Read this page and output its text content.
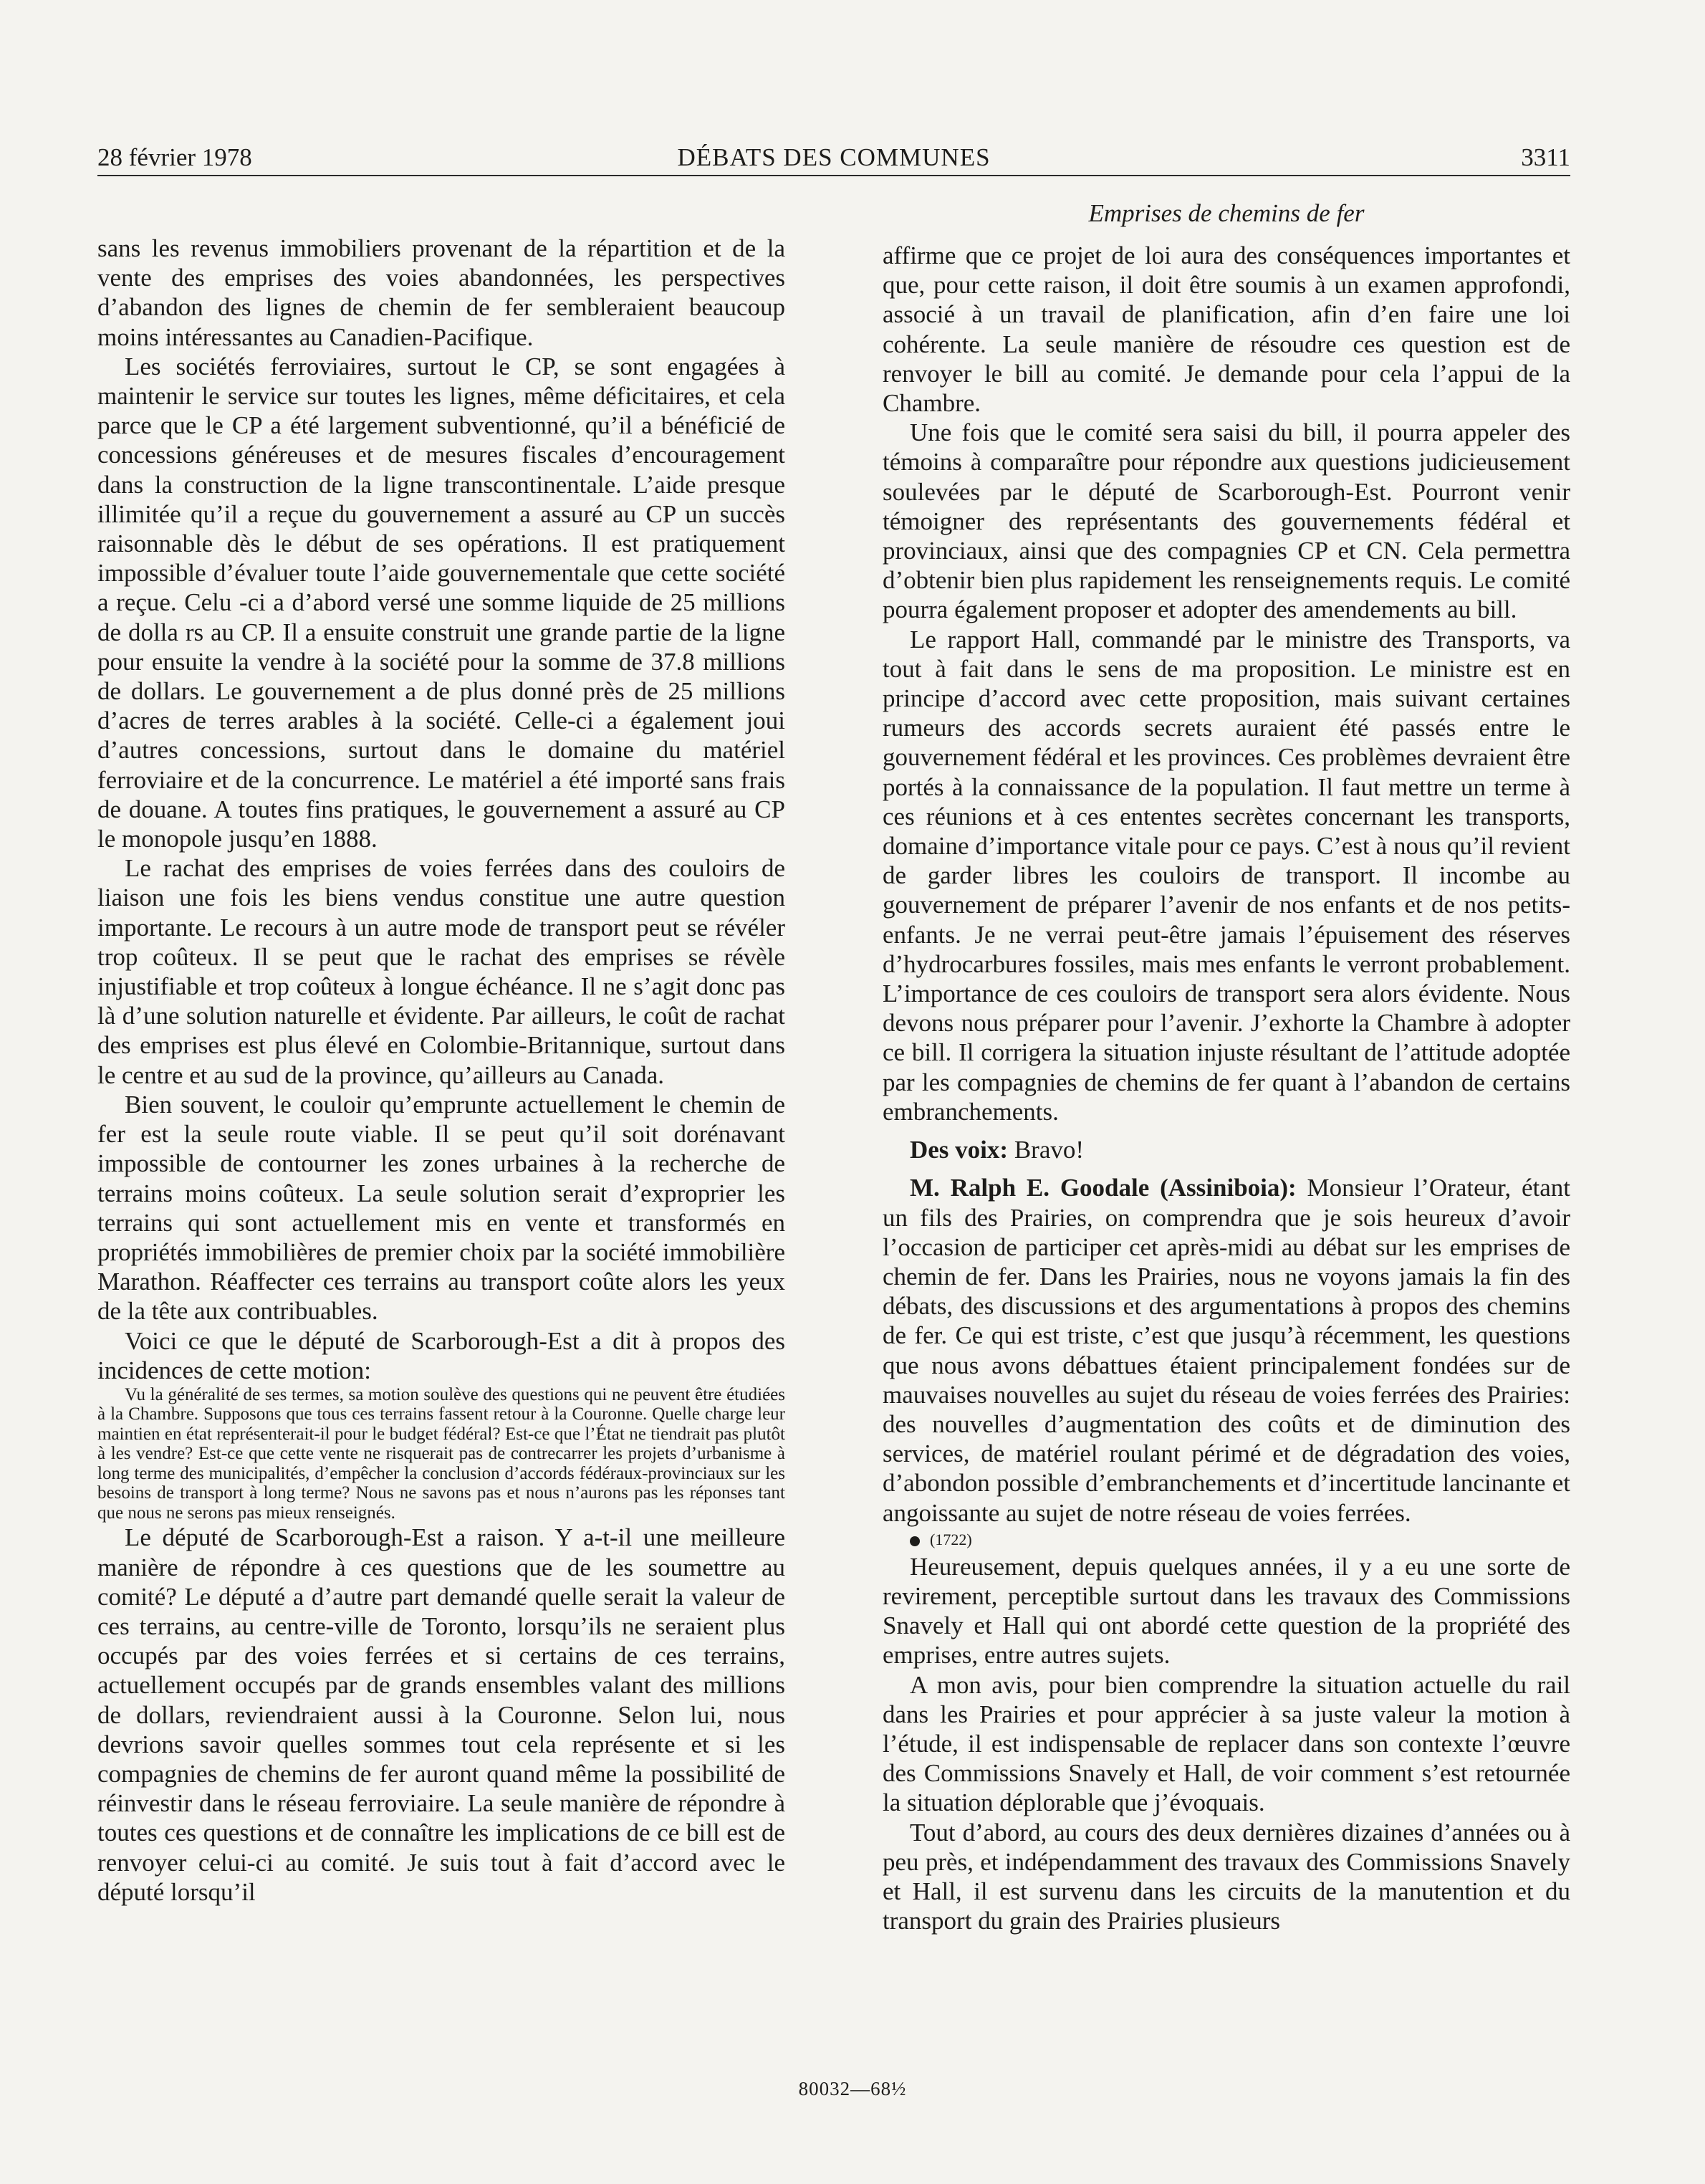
28 février 1978	DÉBATS DES COMMUNES	3311
Emprises de chemins de fer

sans les revenus immobiliers provenant de la répartition et de la vente des emprises des voies abandonnées, les perspectives d’abandon des lignes de chemin de fer sembleraient beaucoup moins intéressantes au Canadien-Pacifique.

Les sociétés ferroviaires, surtout le CP, se sont engagées à maintenir le service sur toutes les lignes, même déficitaires, et cela parce que le CP a été largement subventionné, qu’il a bénéficié de concessions généreuses et de mesures fiscales d’encouragement dans la construction de la ligne transcontinentale. L’aide presque illimitée qu’il a reçue du gouvernement a assuré au CP un succès raisonnable dès le début de ses opérations. Il est pratiquement impossible d’évaluer toute l’aide gouvernementale que cette société a reçue. Celu -ci a d’abord versé une somme liquide de 25 millions de dolla rs au CP. Il a ensuite construit une grande partie de la ligne pour ensuite la vendre à la société pour la somme de 37.8 millions de dollars. Le gouvernement a de plus donné près de 25 millions d’acres de terres arables à la société. Celle-ci a également joui d’autres concessions, surtout dans le domaine du matériel ferroviaire et de la concurrence. Le matériel a été importé sans frais de douane. A toutes fins pratiques, le gouvernement a assuré au CP le monopole jusqu’en 1888.

Le rachat des emprises de voies ferrées dans des couloirs de liaison une fois les biens vendus constitue une autre question importante. Le recours à un autre mode de transport peut se révéler trop coûteux. Il se peut que le rachat des emprises se révèle injustifiable et trop coûteux à longue échéance. Il ne s’agit donc pas là d’une solution naturelle et évidente. Par ailleurs, le coût de rachat des emprises est plus élevé en Colombie-Britannique, surtout dans le centre et au sud de la province, qu’ailleurs au Canada.

Bien souvent, le couloir qu’emprunte actuellement le chemin de fer est la seule route viable. Il se peut qu’il soit dorénavant impossible de contourner les zones urbaines à la recherche de terrains moins coûteux. La seule solution serait d’exproprier les terrains qui sont actuellement mis en vente et transformés en propriétés immobilières de premier choix par la société immobilière Marathon. Réaffecter ces terrains au transport coûte alors les yeux de la tête aux contribuables.

Voici ce que le député de Scarborough-Est a dit à propos des incidences de cette motion:

Vu la généralité de ses termes, sa motion soulève des questions qui ne peuvent être étudiées à la Chambre. Supposons que tous ces terrains fassent retour à la Couronne. Quelle charge leur maintien en état représenterait-il pour le budget fédéral? Est-ce que l’État ne tiendrait pas plutôt à les vendre? Est-ce que cette vente ne risquerait pas de contrecarrer les projets d’urbanisme à long terme des municipalités, d’empêcher la conclusion d’accords fédéraux-provinciaux sur les besoins de transport à long terme? Nous ne savons pas et nous n’aurons pas les réponses tant que nous ne serons pas mieux renseignés.

Le député de Scarborough-Est a raison. Y a-t-il une meilleure manière de répondre à ces questions que de les soumettre au comité? Le député a d’autre part demandé quelle serait la valeur de ces terrains, au centre-ville de Toronto, lorsqu’ils ne seraient plus occupés par des voies ferrées et si certains de ces terrains, actuellement occupés par de grands ensembles valant des millions de dollars, reviendraient aussi à la Couronne. Selon lui, nous devrions savoir quelles sommes tout cela représente et si les compagnies de chemins de fer auront quand même la possibilité de réinvestir dans le réseau ferroviaire. La seule manière de répondre à toutes ces questions et de connaître les implications de ce bill est de renvoyer celui-ci au comité. Je suis tout à fait d’accord avec le député lorsqu’il

affirme que ce projet de loi aura des conséquences importantes et que, pour cette raison, il doit être soumis à un examen approfondi, associé à un travail de planification, afin d’en faire une loi cohérente. La seule manière de résoudre ces question est de renvoyer le bill au comité. Je demande pour cela l’appui de la Chambre.

Une fois que le comité sera saisi du bill, il pourra appeler des témoins à comparaître pour répondre aux questions judicieusement soulevées par le député de Scarborough-Est. Pourront venir témoigner des représentants des gouvernements fédéral et provinciaux, ainsi que des compagnies CP et CN. Cela permettra d’obtenir bien plus rapidement les renseignements requis. Le comité pourra également proposer et adopter des amendements au bill.

Le rapport Hall, commandé par le ministre des Transports, va tout à fait dans le sens de ma proposition. Le ministre est en principe d’accord avec cette proposition, mais suivant certaines rumeurs des accords secrets auraient été passés entre le gouvernement fédéral et les provinces. Ces problèmes devraient être portés à la connaissance de la population. Il faut mettre un terme à ces réunions et à ces ententes secrètes concernant les transports, domaine d’importance vitale pour ce pays. C’est à nous qu’il revient de garder libres les couloirs de transport. Il incombe au gouvernement de préparer l’avenir de nos enfants et de nos petits-enfants. Je ne verrai peut-être jamais l’épuisement des réserves d’hydrocarbures fossiles, mais mes enfants le verront probablement. L’importance de ces couloirs de transport sera alors évidente. Nous devons nous préparer pour l’avenir. J’exhorte la Chambre à adopter ce bill. Il corrigera la situation injuste résultant de l’attitude adoptée par les compagnies de chemins de fer quant à l’abandon de certains embranchements.

Des voix: Bravo!

M. Ralph E. Goodale (Assiniboia): Monsieur l’Orateur, étant un fils des Prairies, on comprendra que je sois heureux d’avoir l’occasion de participer cet après-midi au débat sur les emprises de chemin de fer. Dans les Prairies, nous ne voyons jamais la fin des débats, des discussions et des argumentations à propos des chemins de fer. Ce qui est triste, c’est que jusqu’à récemment, les questions que nous avons débattues étaient principalement fondées sur de mauvaises nouvelles au sujet du réseau de voies ferrées des Prairies: des nouvelles d’augmentation des coûts et de diminution des services, de matériel roulant périmé et de dégradation des voies, d’abondon possible d’embranchements et d’incertitude lancinante et angoissante au sujet de notre réseau de voies ferrées.

(1722)

Heureusement, depuis quelques années, il y a eu une sorte de revirement, perceptible surtout dans les travaux des Commissions Snavely et Hall qui ont abordé cette question de la propriété des emprises, entre autres sujets.

A mon avis, pour bien comprendre la situation actuelle du rail dans les Prairies et pour apprécier à sa juste valeur la motion à l’étude, il est indispensable de replacer dans son contexte l’œuvre des Commissions Snavely et Hall, de voir comment s’est retournée la situation déplorable que j’évoquais.

Tout d’abord, au cours des deux dernières dizaines d’années ou à peu près, et indépendamment des travaux des Commissions Snavely et Hall, il est survenu dans les circuits de la manutention et du transport du grain des Prairies plusieurs

80032—68½
